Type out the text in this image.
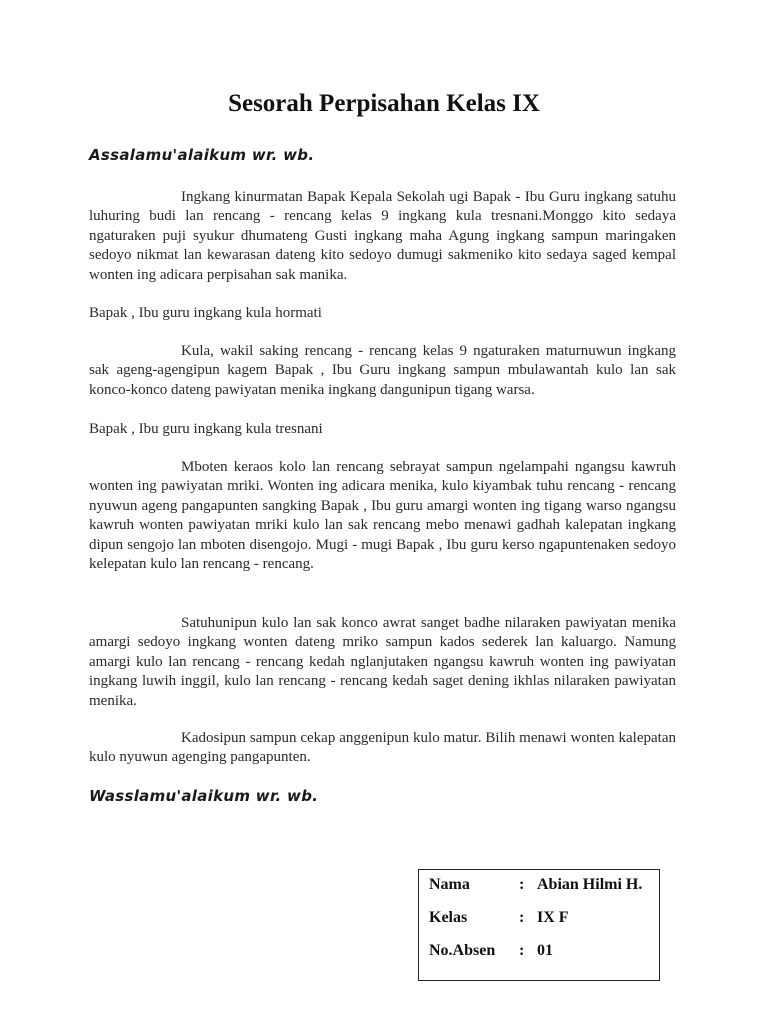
Sesorah Perpisahan Kelas IX

Assalamu'alaikum wr. wb.

Ingkang kinurmatan Bapak Kepala Sekolah ugi Bapak - Ibu Guru ingkang satuhu luhuring budi lan rencang - rencang kelas 9 ingkang kula tresnani.Monggo kito sedaya ngaturaken puji syukur dhumateng Gusti ingkang maha Agung ingkang sampun maringaken sedoyo nikmat lan kewarasan dateng kito sedoyo dumugi sakmeniko kito sedaya saged kempal wonten ing adicara perpisahan sak manika.

Bapak , Ibu guru ingkang kula hormati

Kula, wakil saking rencang - rencang kelas 9 ngaturaken maturnuwun ingkang sak ageng-agengipun kagem Bapak , Ibu Guru ingkang sampun mbulawantah kulo lan sak konco-konco dateng pawiyatan menika ingkang dangunipun tigang warsa.

Bapak , Ibu guru ingkang kula tresnani

Mboten keraos kolo lan rencang sebrayat sampun ngelampahi ngangsu kawruh wonten ing pawiyatan mriki. Wonten ing adicara menika, kulo kiyambak tuhu rencang - rencang nyuwun ageng pangapunten sangking Bapak , Ibu guru amargi wonten ing tigang warso ngangsu kawruh wonten pawiyatan mriki kulo lan sak rencang mebo menawi gadhah kalepatan ingkang dipun sengojo lan mboten disengojo. Mugi - mugi Bapak , Ibu guru kerso ngapuntenaken sedoyo kelepatan kulo lan rencang - rencang.

Satuhunipun kulo lan sak konco awrat sanget badhe nilaraken pawiyatan menika amargi sedoyo ingkang wonten dateng mriko sampun kados sederek lan kaluargo. Namung amargi kulo lan rencang - rencang kedah nglanjutaken ngangsu kawruh wonten ing pawiyatan ingkang luwih inggil, kulo lan rencang - rencang kedah saget dening ikhlas nilaraken pawiyatan menika.

Kadosipun sampun cekap anggenipun kulo matur. Bilih menawi wonten kalepatan kulo nyuwun agenging pangapunten.

Wasslamu'alaikum wr. wb.

Nama	: Abian Hilmi H.
Kelas	: IX F
No.Absen : 01
